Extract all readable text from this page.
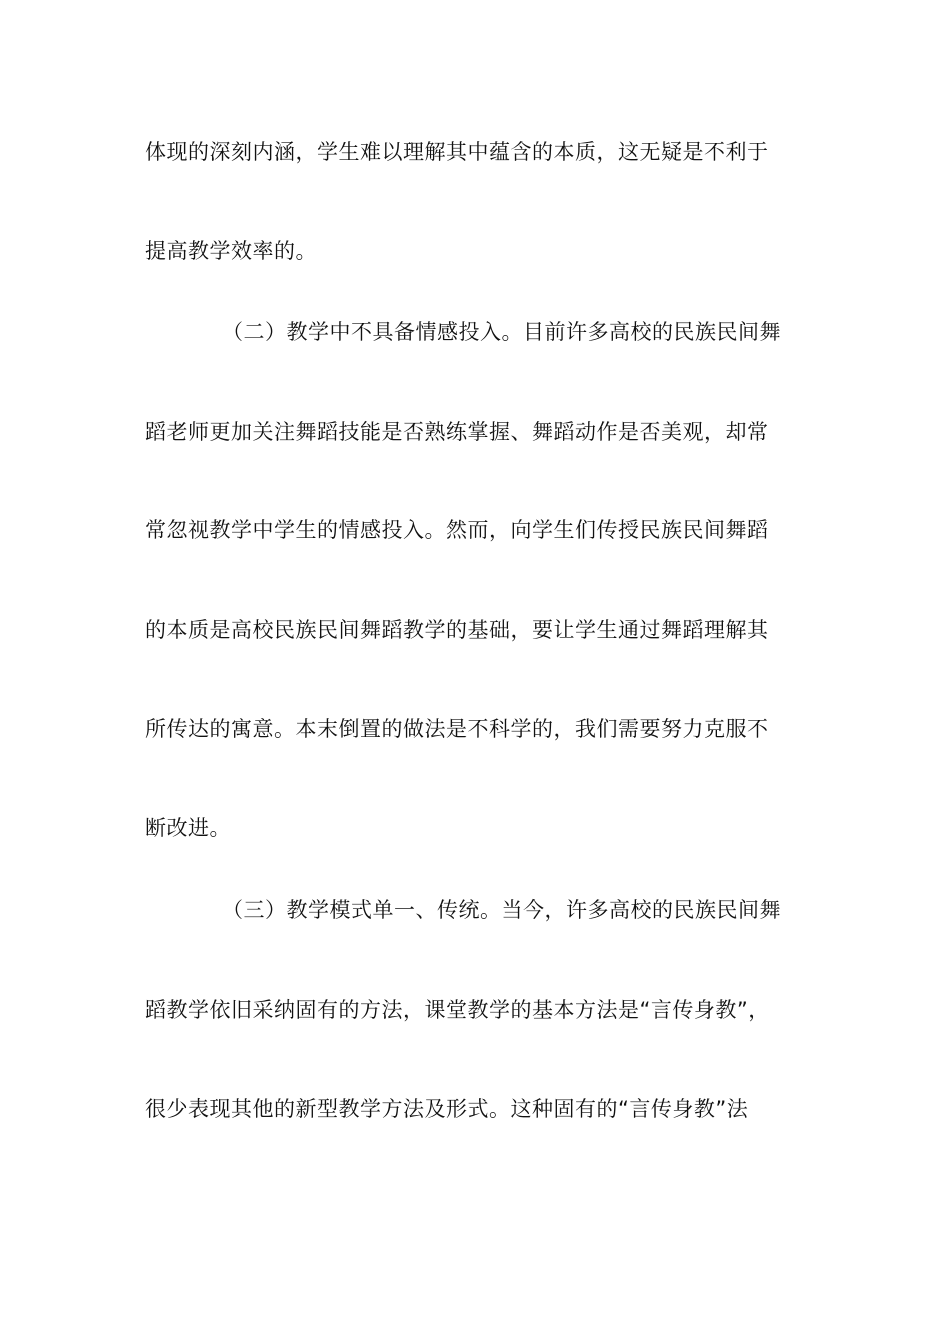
体现的深刻内涵，学生难以理解其中蕴含的本质，这无疑是不利于
提高教学效率的。
（二）教学中不具备情感投入。目前许多高校的民族民间舞
蹈老师更加关注舞蹈技能是否熟练掌握、舞蹈动作是否美观，却常
常忽视教学中学生的情感投入。然而，向学生们传授民族民间舞蹈
的本质是高校民族民间舞蹈教学的基础，要让学生通过舞蹈理解其
所传达的寓意。本末倒置的做法是不科学的，我们需要努力克服不
断改进。
（三）教学模式单一、传统。当今，许多高校的民族民间舞
蹈教学依旧采纳固有的方法，课堂教学的基本方法是“言传身教”，
很少表现其他的新型教学方法及形式。这种固有的“言传身教”法
